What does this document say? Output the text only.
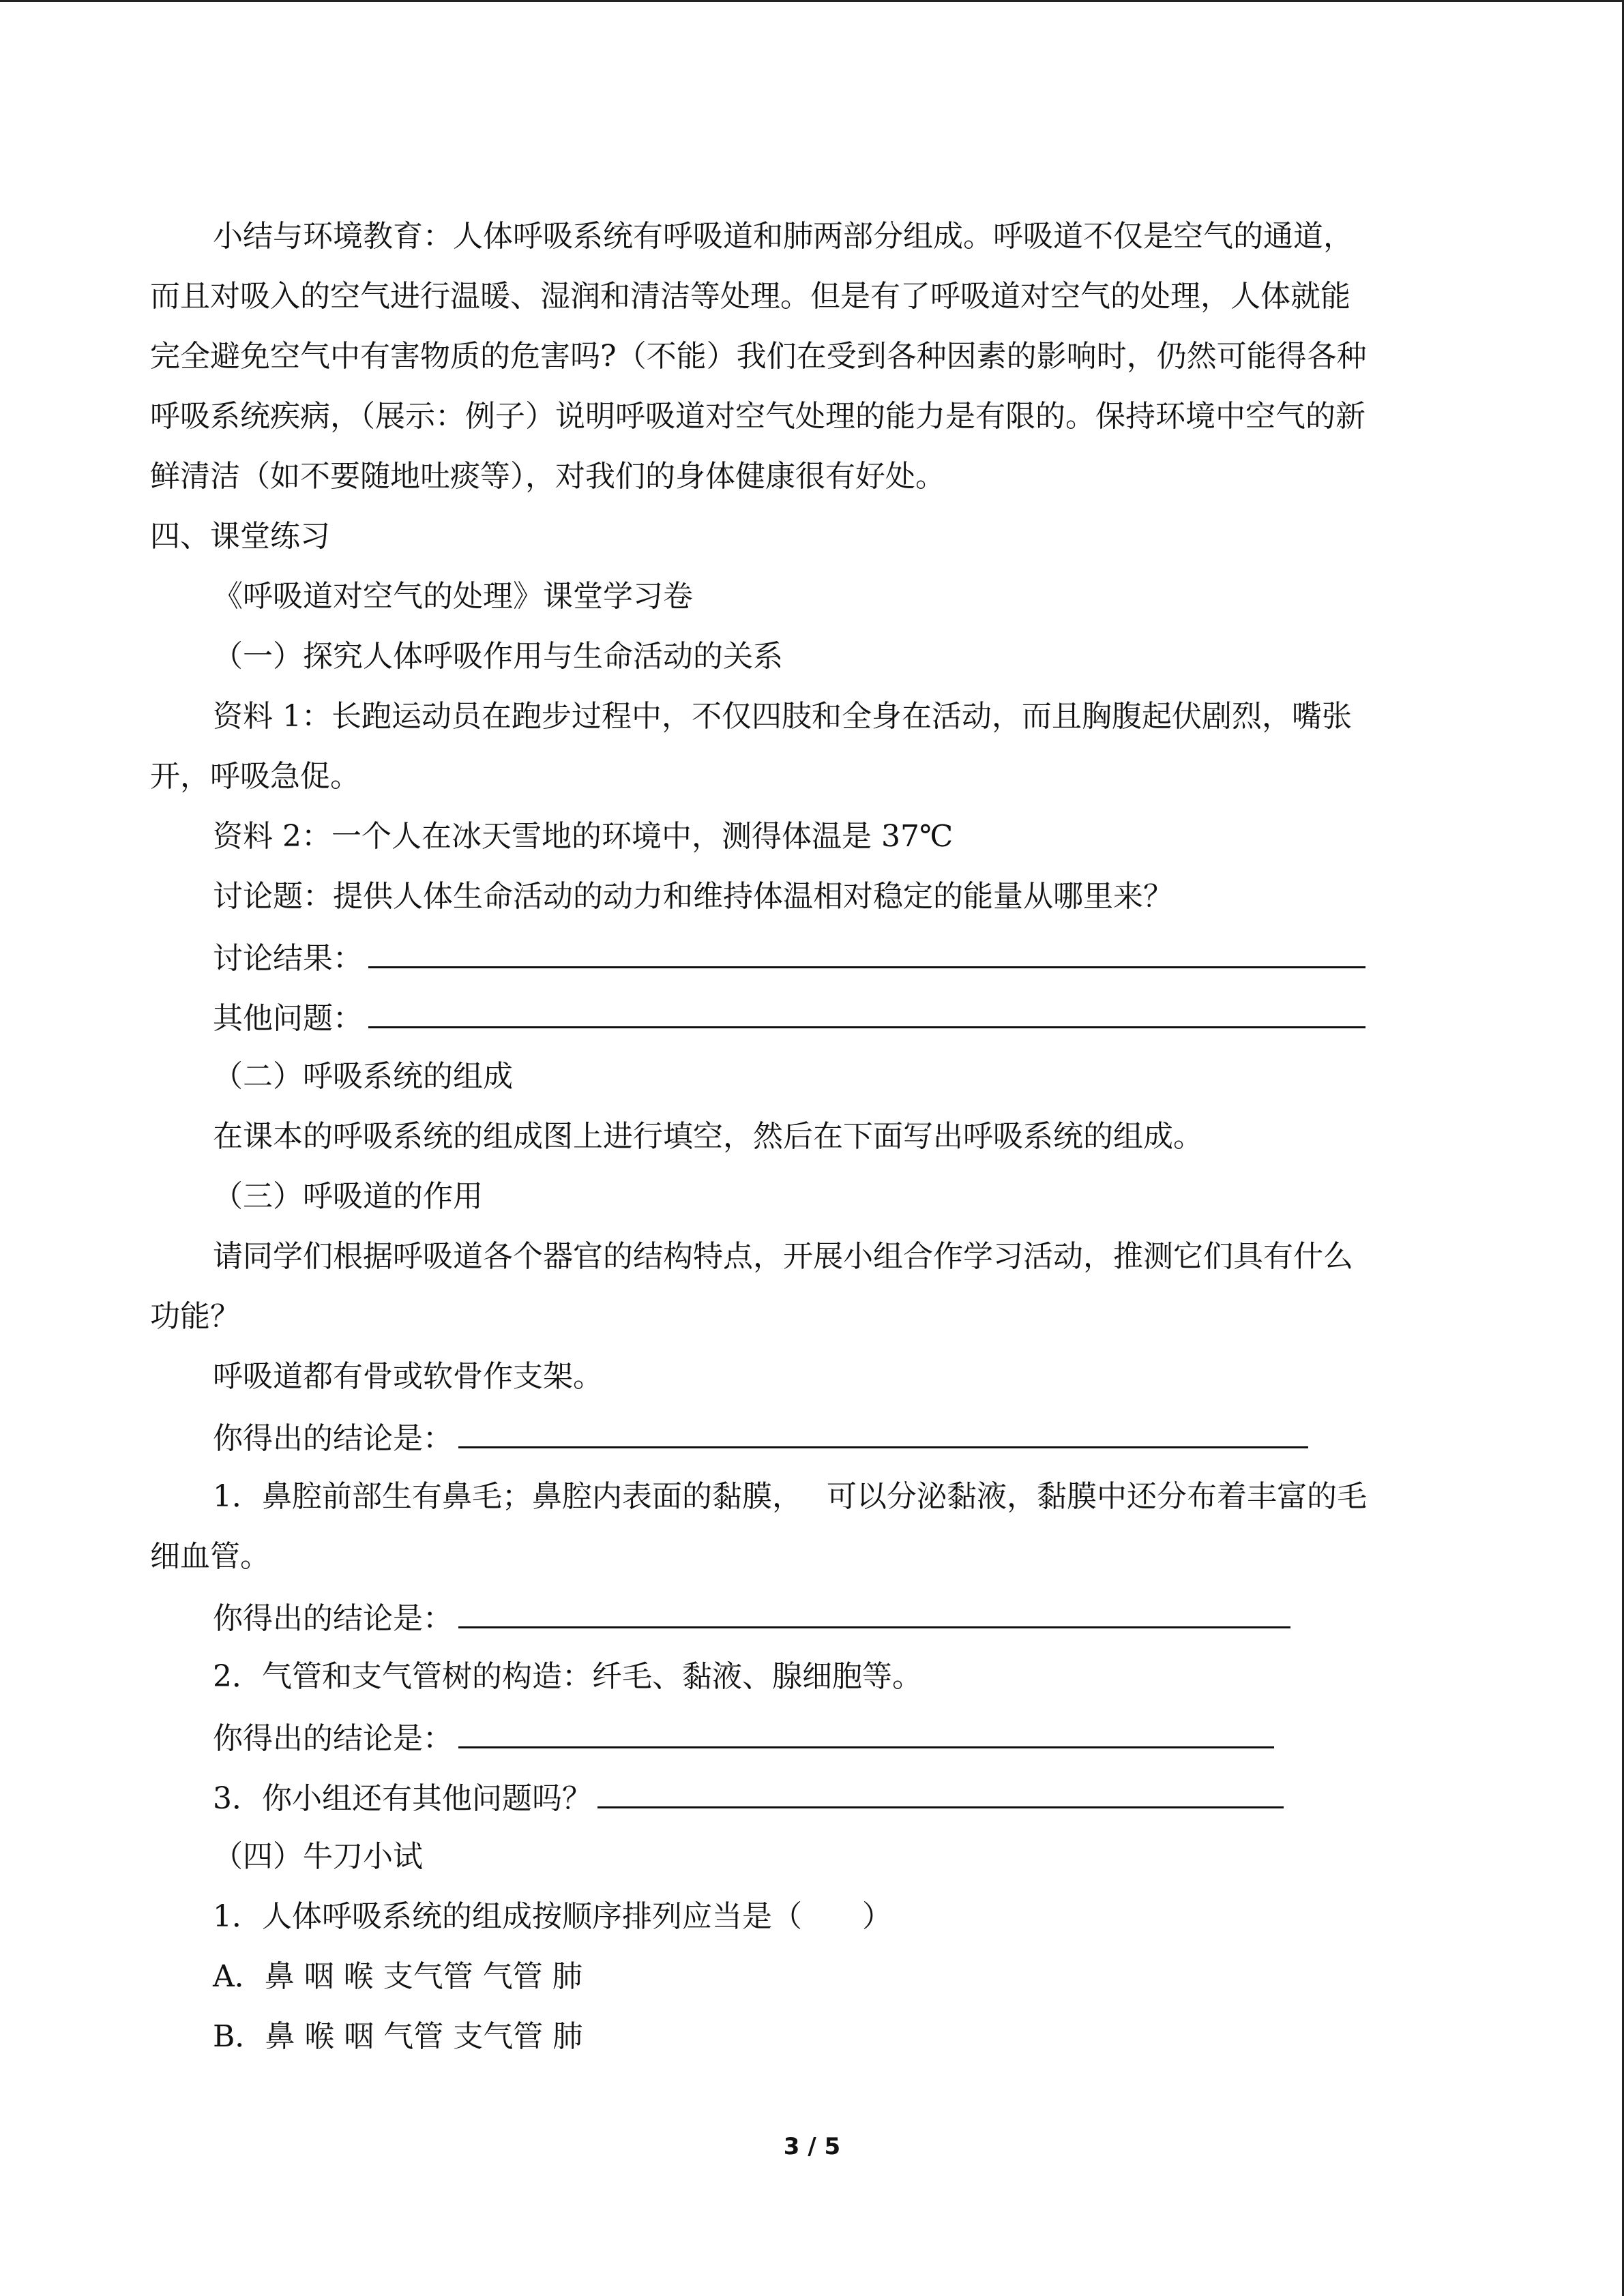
小结与环境教育：人体呼吸系统有呼吸道和肺两部分组成。呼吸道不仅是空气的通道，
而且对吸入的空气进行温暖、湿润和清洁等处理。但是有了呼吸道对空气的处理，人体就能
完全避免空气中有害物质的危害吗?（不能）我们在受到各种因素的影响时，仍然可能得各种
呼吸系统疾病，（展示：例子）说明呼吸道对空气处理的能力是有限的。保持环境中空气的新
鲜清洁（如不要随地吐痰等），对我们的身体健康很有好处。
四、课堂练习
《呼吸道对空气的处理》课堂学习卷
（一）探究人体呼吸作用与生命活动的关系
资料 1：长跑运动员在跑步过程中，不仅四肢和全身在活动，而且胸腹起伏剧烈，嘴张
开，呼吸急促。
资料 2：一个人在冰天雪地的环境中，测得体温是 37℃
讨论题：提供人体生命活动的动力和维持体温相对稳定的能量从哪里来？
讨论结果：
其他问题：
（二）呼吸系统的组成
在课本的呼吸系统的组成图上进行填空，然后在下面写出呼吸系统的组成。
（三）呼吸道的作用
请同学们根据呼吸道各个器官的结构特点，开展小组合作学习活动，推测它们具有什么
功能？
呼吸道都有骨或软骨作支架。
你得出的结论是：
1．鼻腔前部生有鼻毛；鼻腔内表面的黏膜，　 可以分泌黏液，黏膜中还分布着丰富的毛
细血管。
你得出的结论是：
2．气管和支气管树的构造：纤毛、黏液、腺细胞等。
你得出的结论是：
3．你小组还有其他问题吗？
（四）牛刀小试
1．人体呼吸系统的组成按顺序排列应当是（　　）
A．鼻 咽 喉 支气管 气管 肺
B．鼻 喉 咽 气管 支气管 肺
3 / 5
